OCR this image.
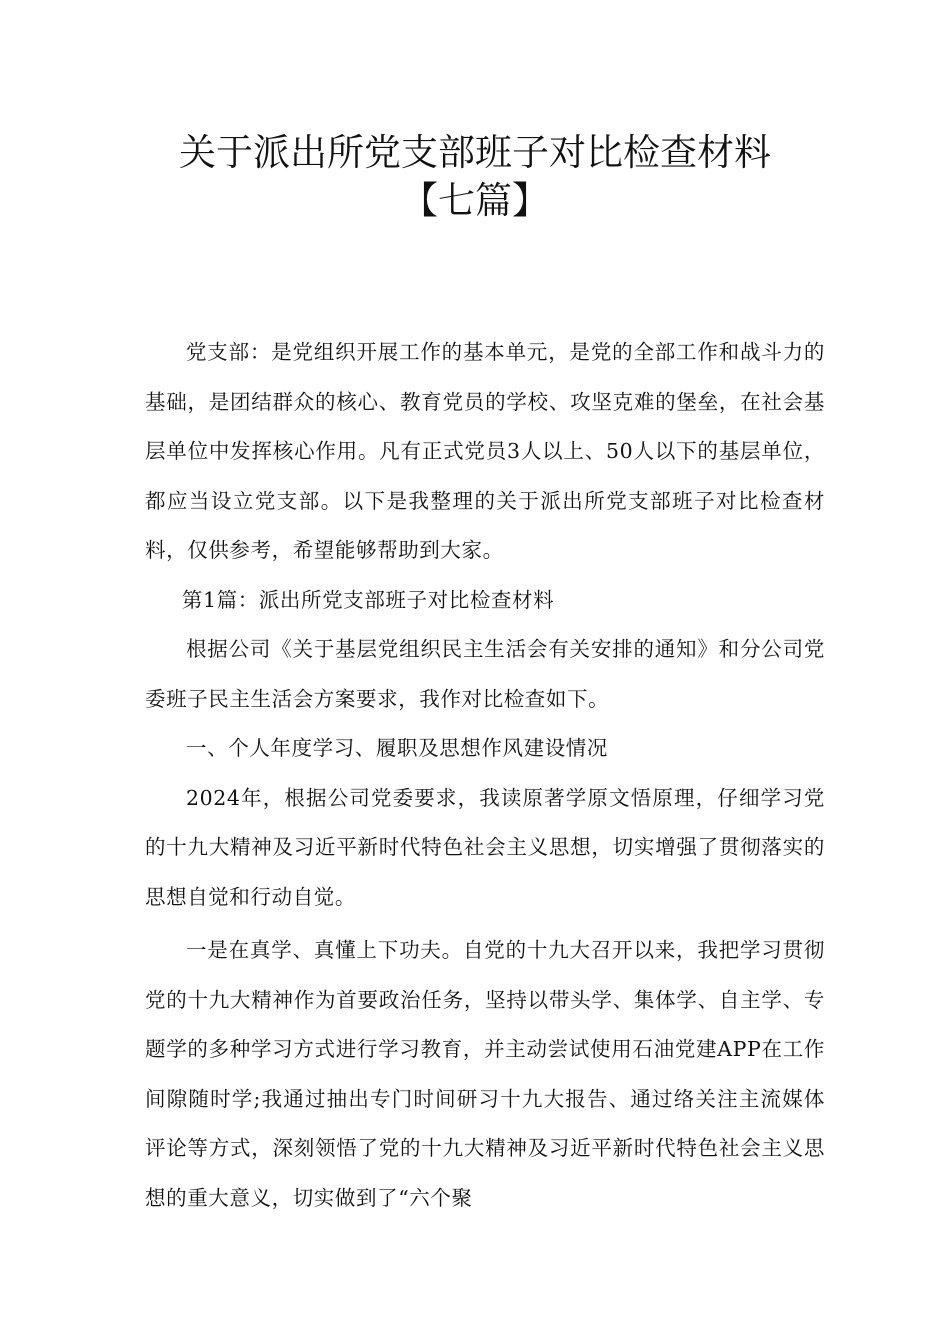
关于派出所党支部班子对比检查材料
【七篇】

党支部：是党组织开展工作的基本单元，是党的全部工作和战斗力的基础，是团结群众的核心、教育党员的学校、攻坚克难的堡垒，在社会基层单位中发挥核心作用。凡有正式党员3人以上、50人以下的基层单位，都应当设立党支部。以下是我整理的关于派出所党支部班子对比检查材料，仅供参考，希望能够帮助到大家。

第1篇：派出所党支部班子对比检查材料

根据公司《关于基层党组织民主生活会有关安排的通知》和分公司党委班子民主生活会方案要求，我作对比检查如下。

一、个人年度学习、履职及思想作风建设情况

2024年，根据公司党委要求，我读原著学原文悟原理，仔细学习党的十九大精神及习近平新时代特色社会主义思想，切实增强了贯彻落实的思想自觉和行动自觉。

一是在真学、真懂上下功夫。自党的十九大召开以来，我把学习贯彻党的十九大精神作为首要政治任务，坚持以带头学、集体学、自主学、专题学的多种学习方式进行学习教育，并主动尝试使用石油党建APP在工作间隙随时学;我通过抽出专门时间研习十九大报告、通过络关注主流媒体评论等方式，深刻领悟了党的十九大精神及习近平新时代特色社会主义思想的重大意义，切实做到了“六个聚
